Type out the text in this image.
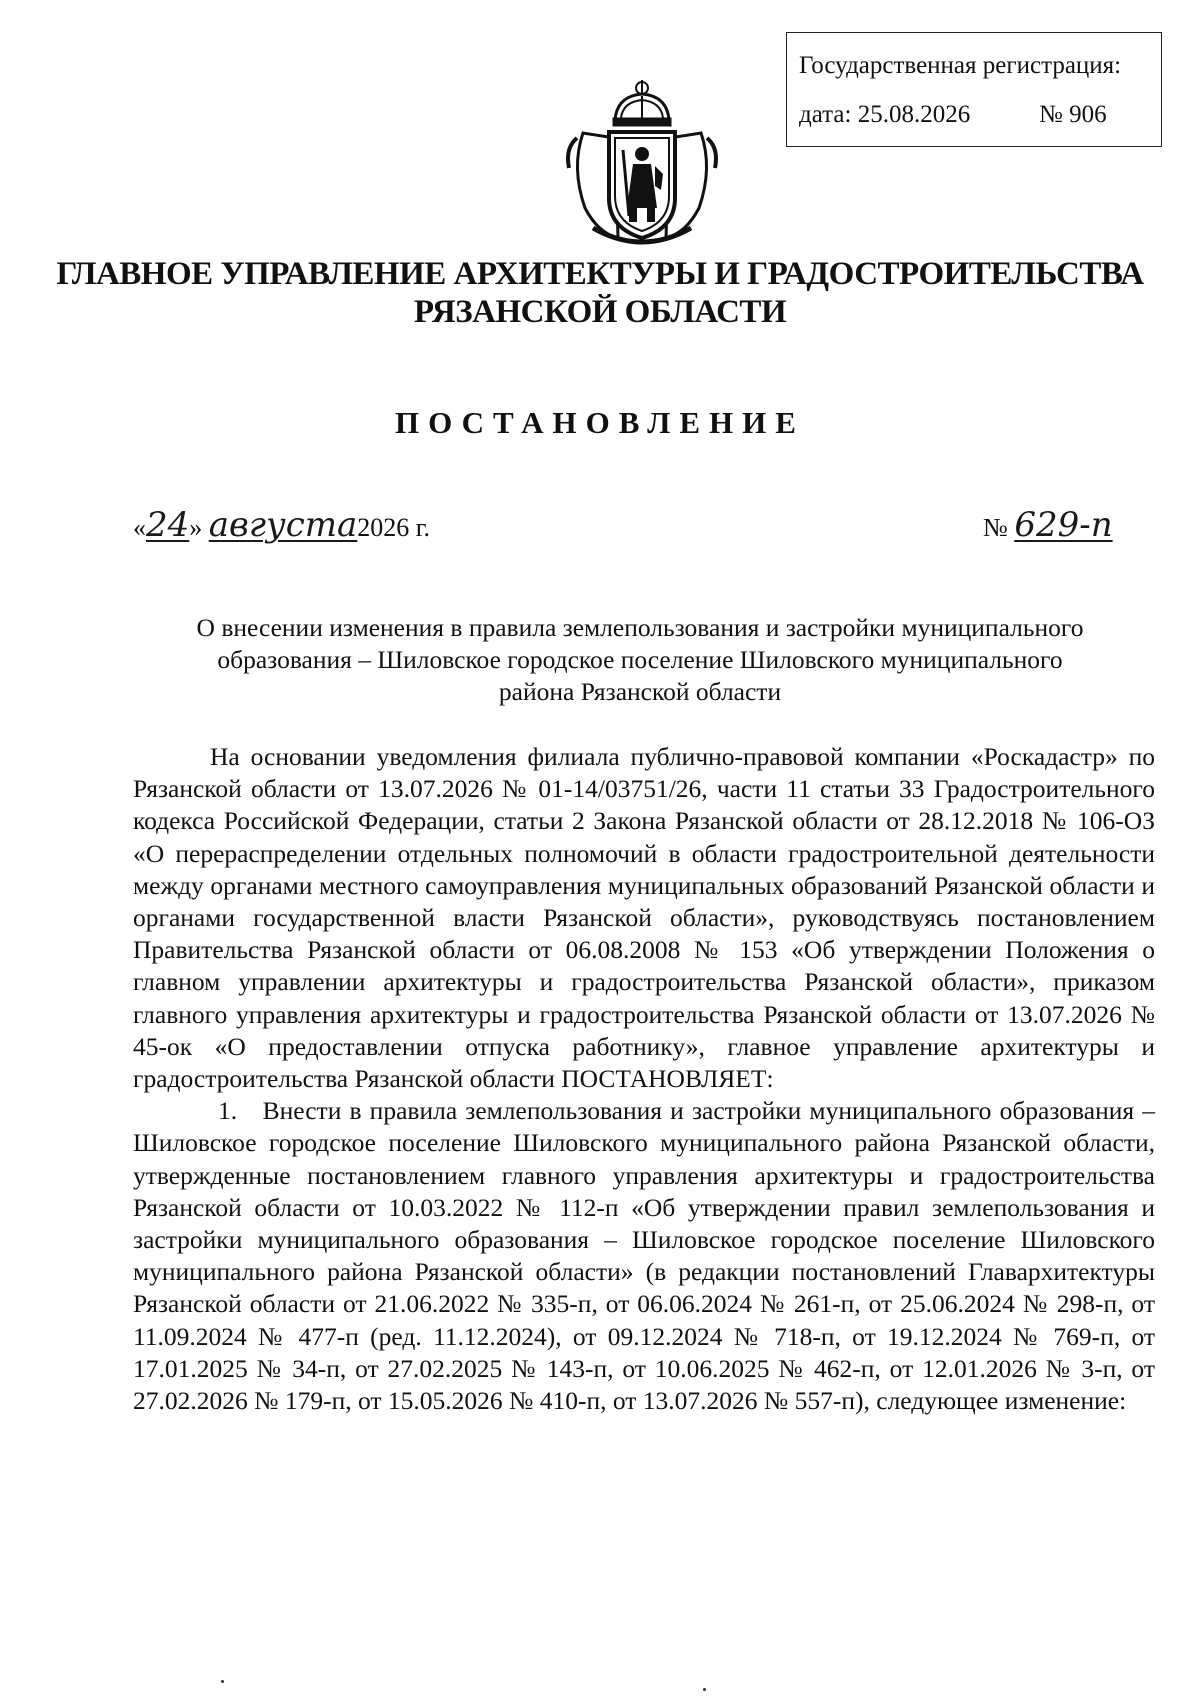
Государственная регистрация:
дата: 25.08.2026	№ 906
ГЛАВНОЕ УПРАВЛЕНИЕ АРХИТЕКТУРЫ И ГРАДОСТРОИТЕЛЬСТВА
РЯЗАНСКОЙ ОБЛАСТИ
ПОСТАНОВЛЕНИЕ
«24» августа2026 г.	№ 629-п
О внесении изменения в правила землепользования и застройки муниципального
образования – Шиловское городское поселение Шиловского муниципального
района Рязанской области

На основании уведомления филиала публично-правовой компании «Роскадастр» по Рязанской области от 13.07.2026 № 01-14/03751/26, части 11 статьи 33 Градостроительного кодекса Российской Федерации, статьи 2 Закона Рязанской области от 28.12.2018 № 106-ОЗ «О перераспределении отдельных полномочий в области градостроительной деятельности между органами местного самоуправления муниципальных образований Рязанской области и органами государственной власти Рязанской области», руководствуясь постановлением Правительства Рязанской области от 06.08.2008 № 153 «Об утверждении Положения о главном управлении архитектуры и градостроительства Рязанской области», приказом главного управления архитектуры и градостроительства Рязанской области от 13.07.2026 № 45-ок «О предоставлении отпуска работнику», главное управление архитектуры и градостроительства Рязанской области ПОСТАНОВЛЯЕТ:

1. Внести в правила землепользования и застройки муниципального образования – Шиловское городское поселение Шиловского муниципального района Рязанской области, утвержденные постановлением главного управления архитектуры и градостроительства Рязанской области от 10.03.2022 № 112-п «Об утверждении правил землепользования и застройки муниципального образования – Шиловское городское поселение Шиловского муниципального района Рязанской области» (в редакции постановлений Главархитектуры Рязанской области от 21.06.2022 № 335-п, от 06.06.2024 № 261-п, от 25.06.2024 № 298-п, от 11.09.2024 № 477-п (ред. 11.12.2024), от 09.12.2024 № 718-п, от 19.12.2024 № 769-п, от 17.01.2025 № 34-п, от 27.02.2025 № 143-п, от 10.06.2025 № 462-п, от 12.01.2026 № 3-п, от 27.02.2026 № 179-п, от 15.05.2026 № 410-п, от 13.07.2026 № 557-п), следующее изменение:
